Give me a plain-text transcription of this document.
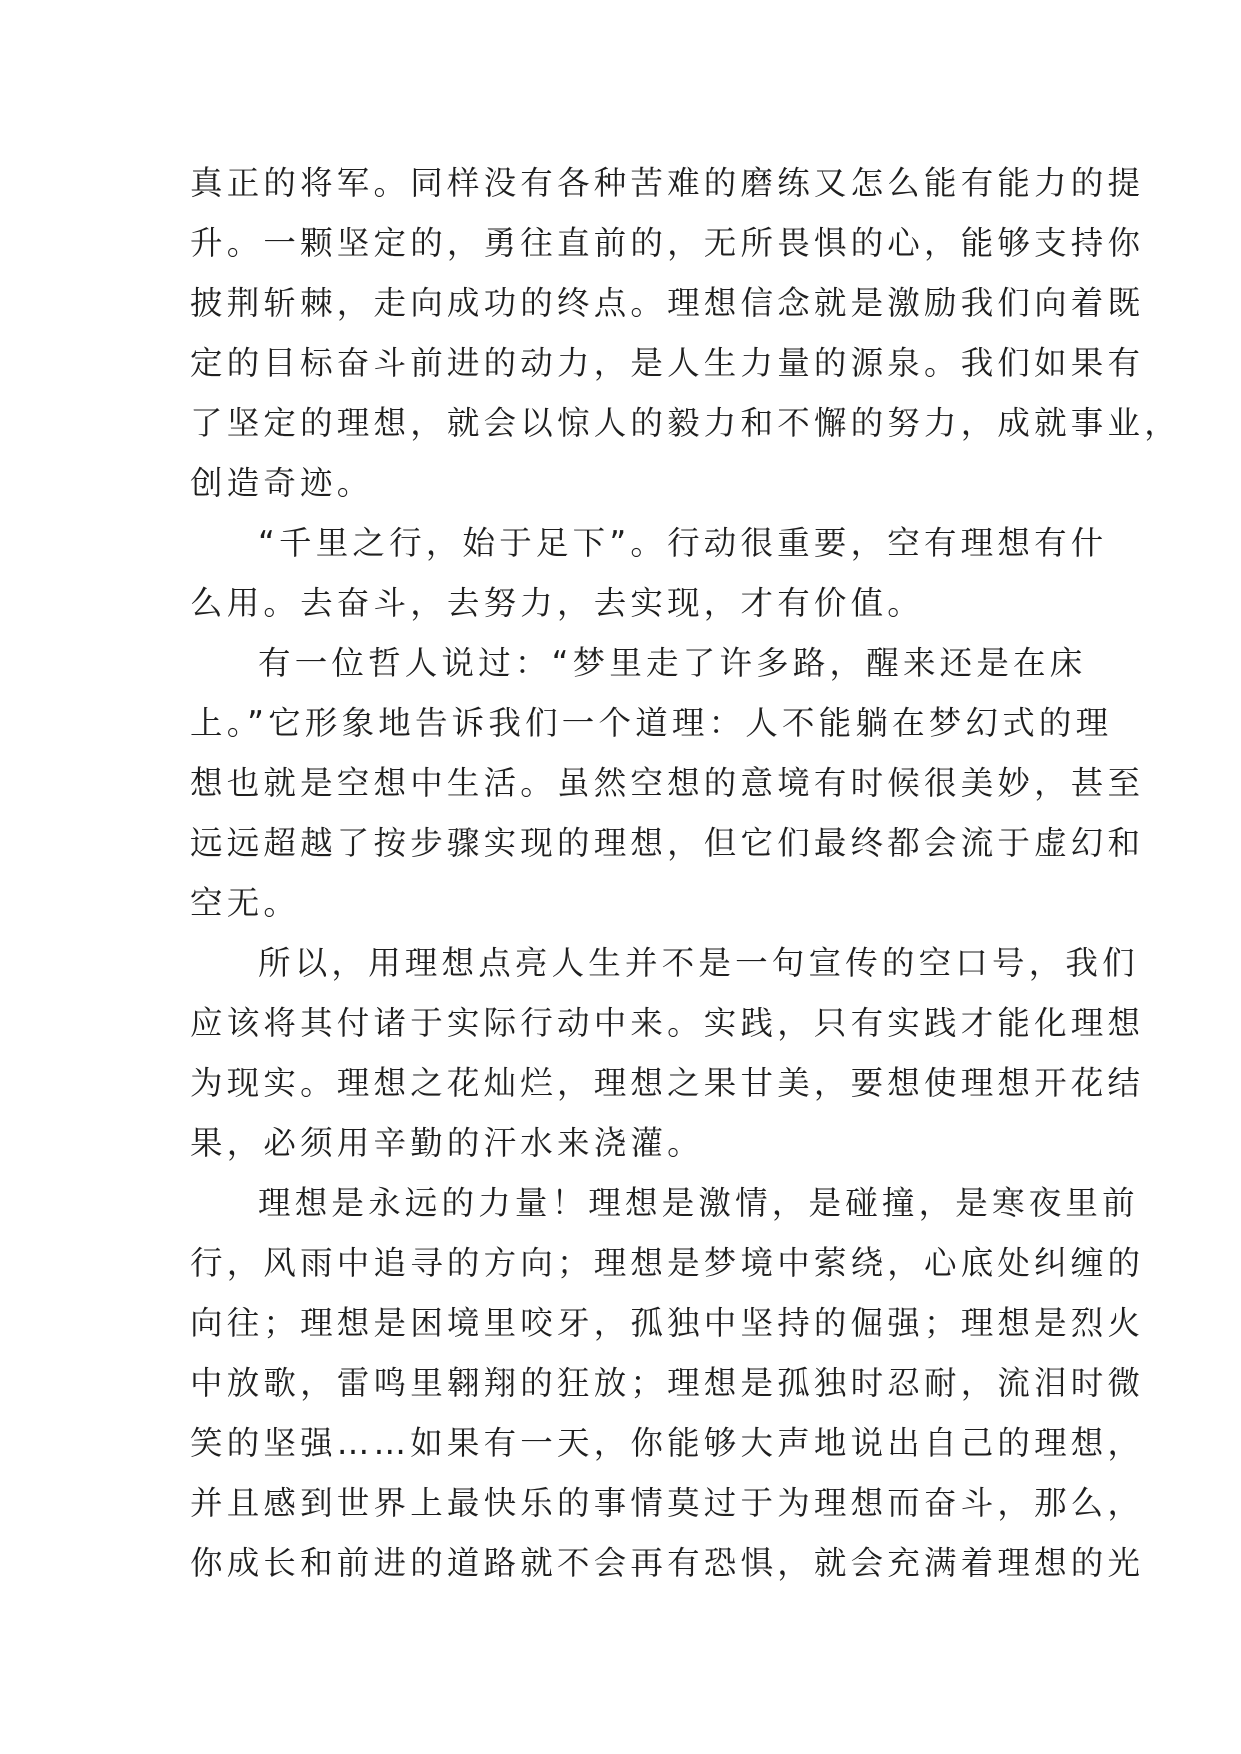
真正的将军。同样没有各种苦难的磨练又怎么能有能力的提
升。一颗坚定的，勇往直前的，无所畏惧的心，能够支持你
披荆斩棘，走向成功的终点。理想信念就是激励我们向着既
定的目标奋斗前进的动力，是人生力量的源泉。我们如果有
了坚定的理想，就会以惊人的毅力和不懈的努力，成就事业，
创造奇迹。
“千里之行，始于足下”。行动很重要，空有理想有什
么用。去奋斗，去努力，去实现，才有价值。
有一位哲人说过：“梦里走了许多路，醒来还是在床
上。”它形象地告诉我们一个道理：人不能躺在梦幻式的理
想也就是空想中生活。虽然空想的意境有时候很美妙，甚至
远远超越了按步骤实现的理想，但它们最终都会流于虚幻和
空无。
所以，用理想点亮人生并不是一句宣传的空口号，我们
应该将其付诸于实际行动中来。实践，只有实践才能化理想
为现实。理想之花灿烂，理想之果甘美，要想使理想开花结
果，必须用辛勤的汗水来浇灌。
理想是永远的力量！理想是激情，是碰撞，是寒夜里前
行，风雨中追寻的方向；理想是梦境中萦绕，心底处纠缠的
向往；理想是困境里咬牙，孤独中坚持的倔强；理想是烈火
中放歌，雷鸣里翱翔的狂放；理想是孤独时忍耐，流泪时微
笑的坚强……如果有一天，你能够大声地说出自己的理想，
并且感到世界上最快乐的事情莫过于为理想而奋斗，那么，
你成长和前进的道路就不会再有恐惧，就会充满着理想的光
